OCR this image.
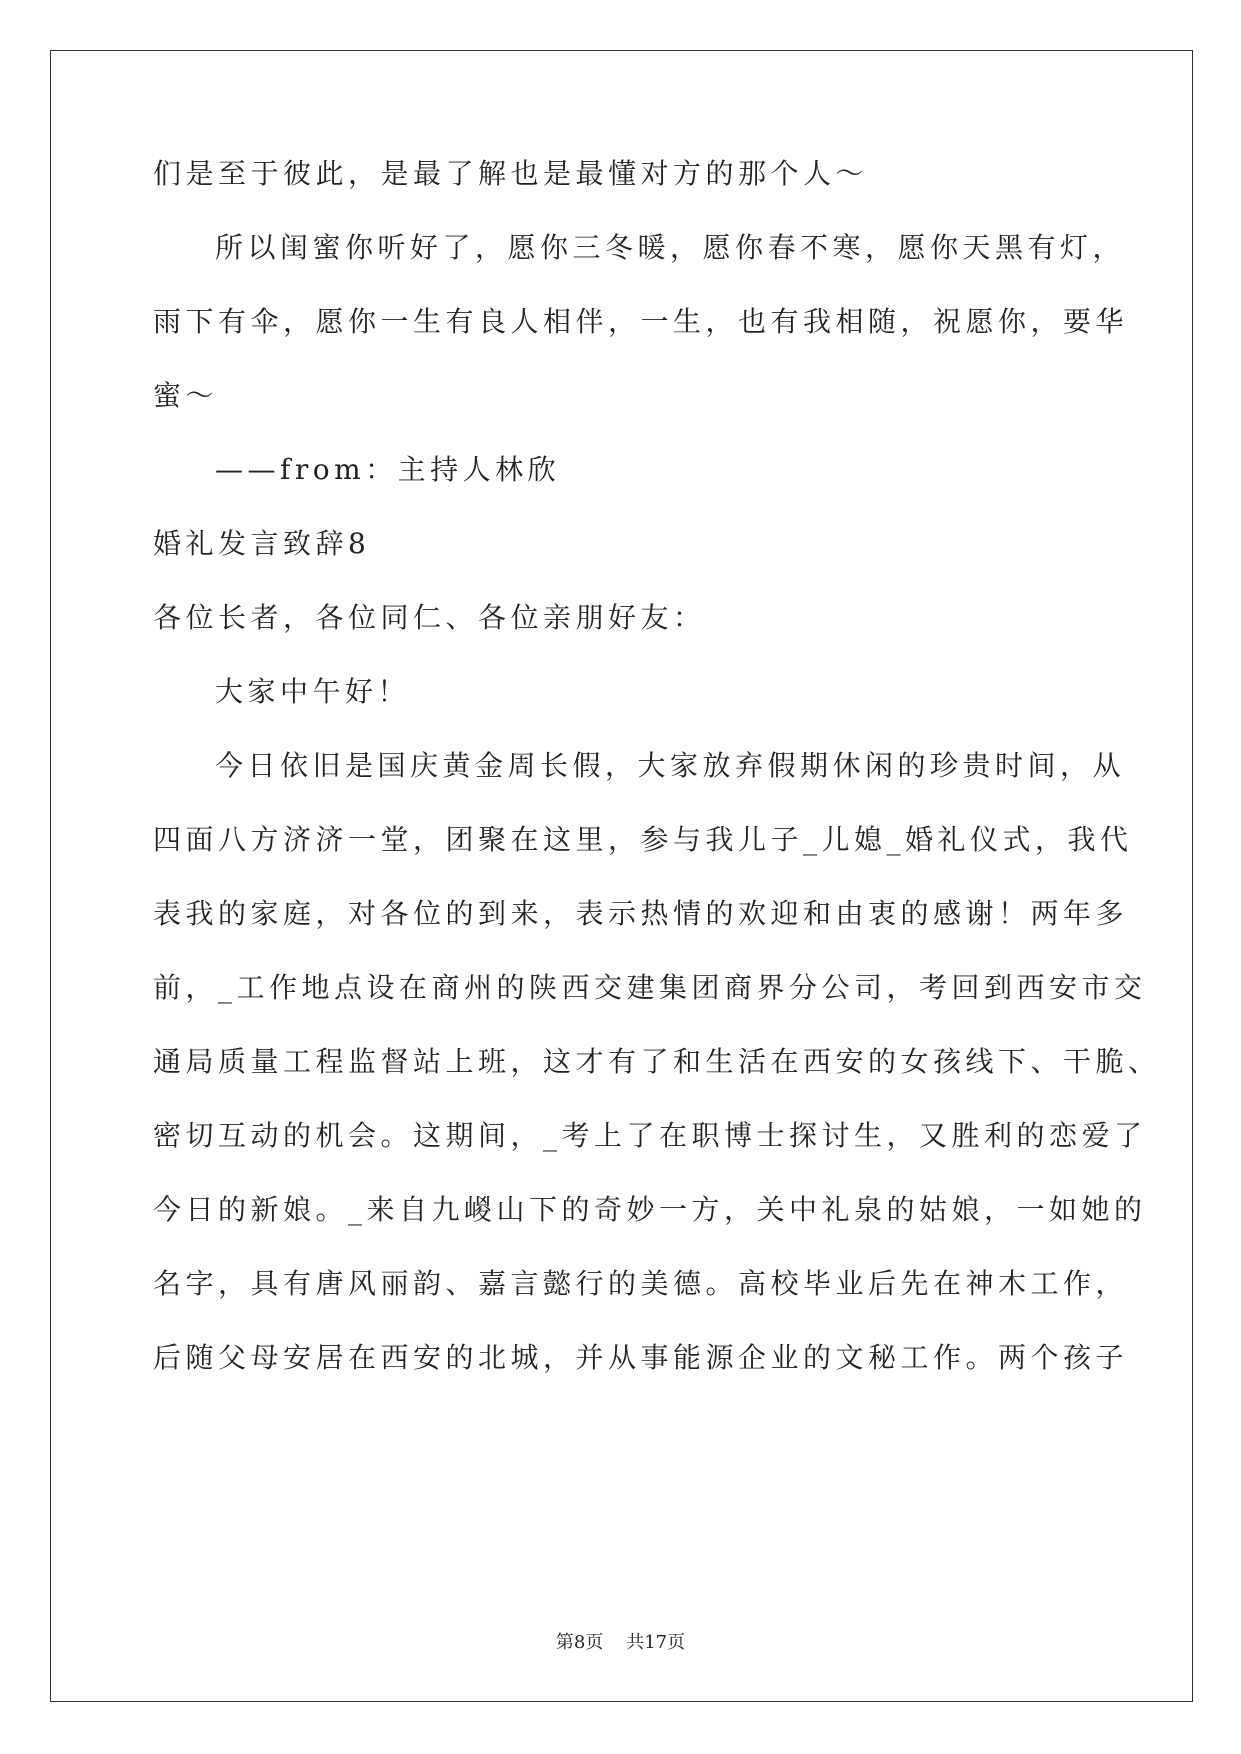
们是至于彼此，是最了解也是最懂对方的那个人～
所以闺蜜你听好了，愿你三冬暖，愿你春不寒，愿你天黑有灯，
雨下有伞，愿你一生有良人相伴，一生，也有我相随，祝愿你，要华
蜜～
——from：主持人林欣
婚礼发言致辞8
各位长者，各位同仁、各位亲朋好友：
大家中午好！
今日依旧是国庆黄金周长假，大家放弃假期休闲的珍贵时间，从
四面八方济济一堂，团聚在这里，参与我儿子_儿媳_婚礼仪式，我代
表我的家庭，对各位的到来，表示热情的欢迎和由衷的感谢！两年多
前，_工作地点设在商州的陕西交建集团商界分公司，考回到西安市交
通局质量工程监督站上班，这才有了和生活在西安的女孩线下、干脆、
密切互动的机会。这期间，_考上了在职博士探讨生，又胜利的恋爱了
今日的新娘。_来自九嵕山下的奇妙一方，关中礼泉的姑娘，一如她的
名字，具有唐风丽韵、嘉言懿行的美德。高校毕业后先在神木工作，
后随父母安居在西安的北城，并从事能源企业的文秘工作。两个孩子
第8页 共17页
